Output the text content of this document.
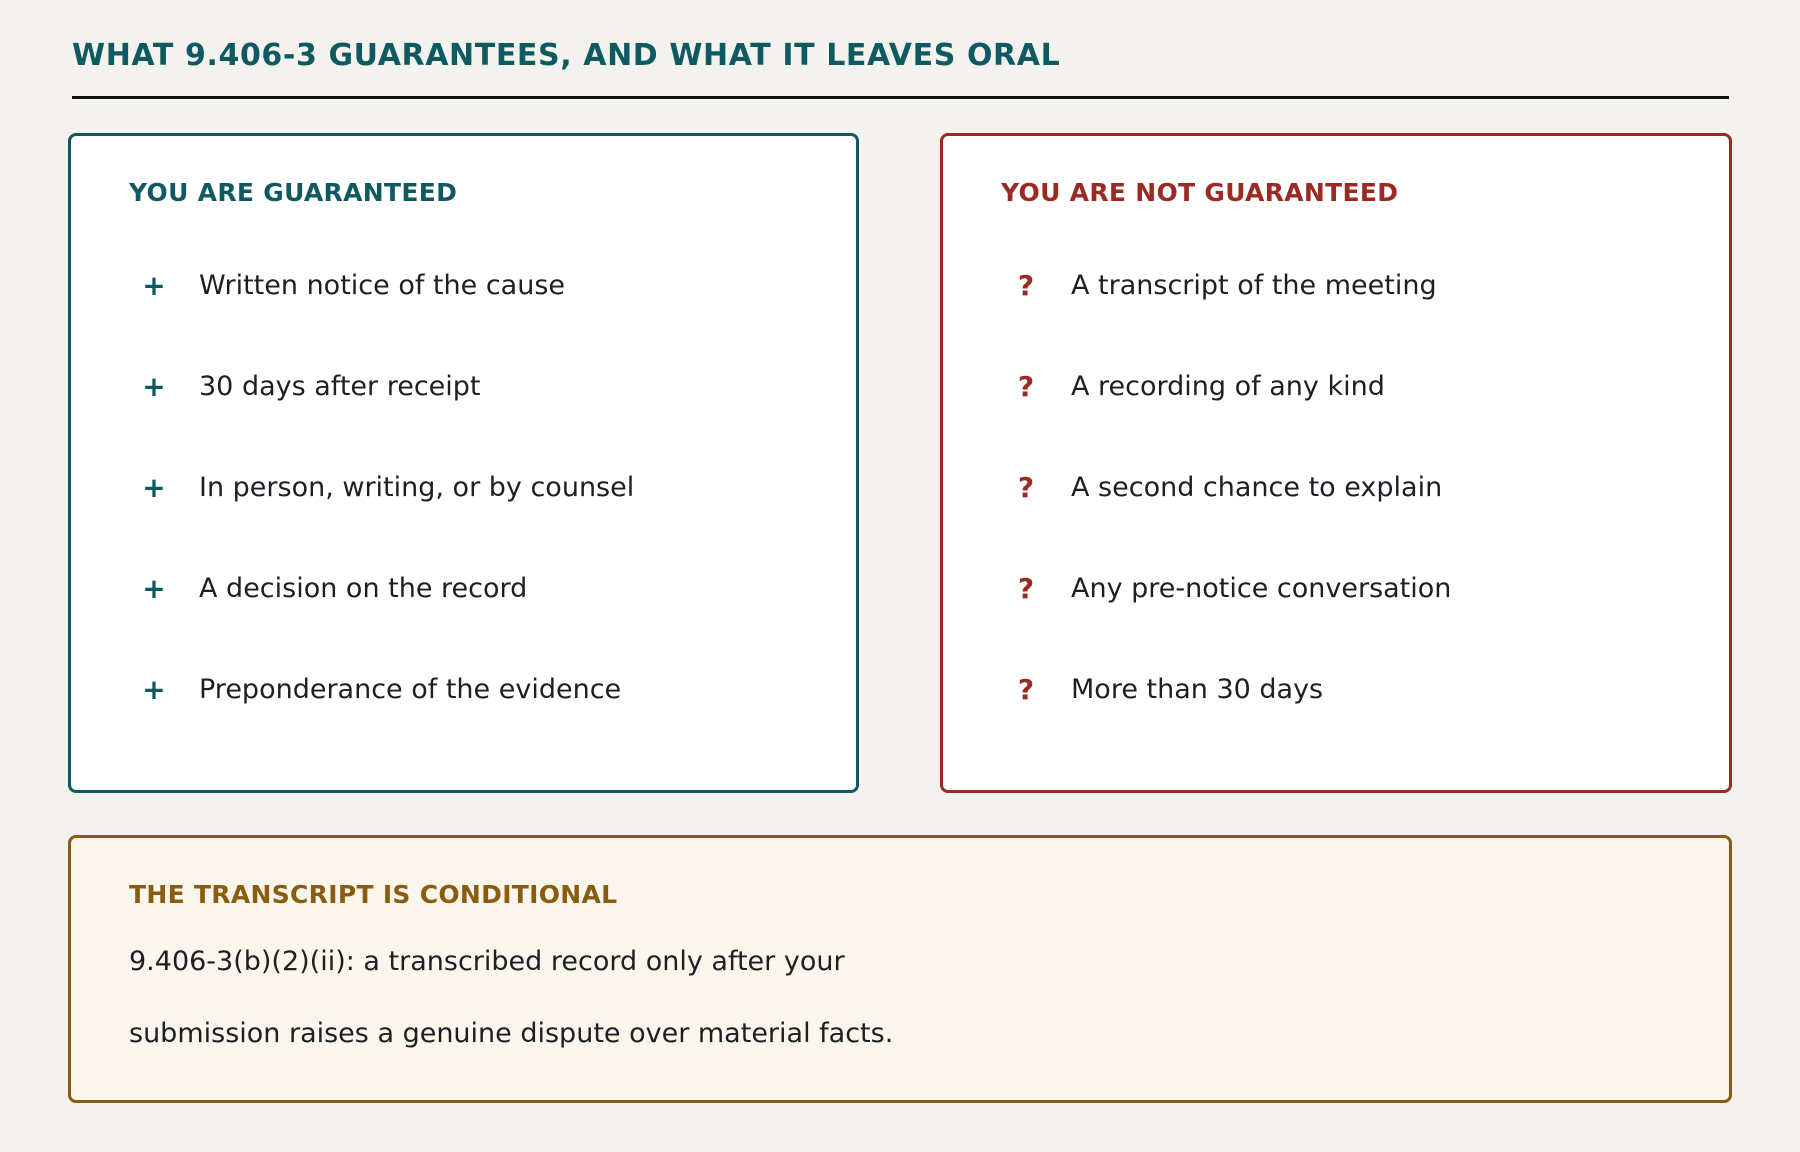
WHAT 9.406-3 GUARANTEES, AND WHAT IT LEAVES ORAL
YOU ARE GUARANTEED
+ Written notice of the cause
+ 30 days after receipt
+ In person, writing, or by counsel
+ A decision on the record
+ Preponderance of the evidence
YOU ARE NOT GUARANTEED
? A transcript of the meeting
? A recording of any kind
? A second chance to explain
? Any pre-notice conversation
? More than 30 days
THE TRANSCRIPT IS CONDITIONAL

9.406-3(b)(2)(ii): a transcribed record only after your
submission raises a genuine dispute over material facts.
